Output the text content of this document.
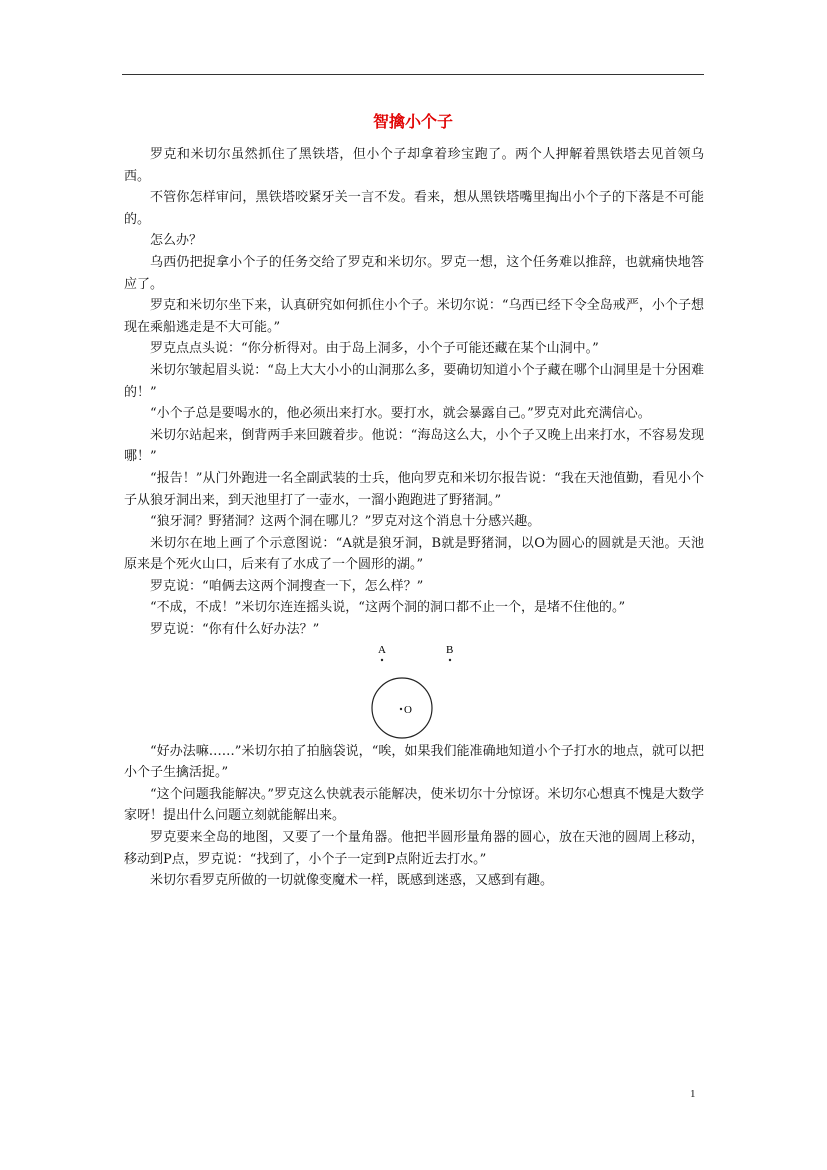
智擒小个子

罗克和米切尔虽然抓住了黑铁塔，但小个子却拿着珍宝跑了。两个人押解着黑铁塔去见首领乌西。

不管你怎样审问，黑铁塔咬紧牙关一言不发。看来，想从黑铁塔嘴里掏出小个子的下落是不可能的。

怎么办？

乌西仍把捉拿小个子的任务交给了罗克和米切尔。罗克一想，这个任务难以推辞，也就痛快地答应了。

罗克和米切尔坐下来，认真研究如何抓住小个子。米切尔说：“乌西已经下令全岛戒严，小个子想现在乘船逃走是不大可能。”

罗克点点头说：“你分析得对。由于岛上洞多，小个子可能还藏在某个山洞中。”

米切尔皱起眉头说：“岛上大大小小的山洞那么多，要确切知道小个子藏在哪个山洞里是十分困难的！”

“小个子总是要喝水的，他必须出来打水。要打水，就会暴露自己。”罗克对此充满信心。

米切尔站起来，倒背两手来回踱着步。他说：“海岛这么大，小个子又晚上出来打水，不容易发现哪！”

“报告！”从门外跑进一名全副武装的士兵，他向罗克和米切尔报告说：“我在天池值勤，看见小个子从狼牙洞出来，到天池里打了一壶水，一溜小跑跑进了野猪洞。”

“狼牙洞？野猪洞？这两个洞在哪儿？”罗克对这个消息十分感兴趣。

米切尔在地上画了个示意图说：“A就是狼牙洞，B就是野猪洞，以O为圆心的圆就是天池。天池原来是个死火山口，后来有了水成了一个圆形的湖。”

罗克说：“咱俩去这两个洞搜查一下，怎么样？”

“不成，不成！”米切尔连连摇头说，“这两个洞的洞口都不止一个，是堵不住他的。”

罗克说：“你有什么好办法？”

A	B
O

“好办法嘛……”米切尔拍了拍脑袋说，“唉，如果我们能准确地知道小个子打水的地点，就可以把小个子生擒活捉。”

“这个问题我能解决。”罗克这么快就表示能解决，使米切尔十分惊讶。米切尔心想真不愧是大数学家呀！提出什么问题立刻就能解出来。

罗克要来全岛的地图，又要了一个量角器。他把半圆形量角器的圆心，放在天池的圆周上移动，移动到P点，罗克说：“找到了，小个子一定到P点附近去打水。”

米切尔看罗克所做的一切就像变魔术一样，既感到迷惑，又感到有趣。

1
